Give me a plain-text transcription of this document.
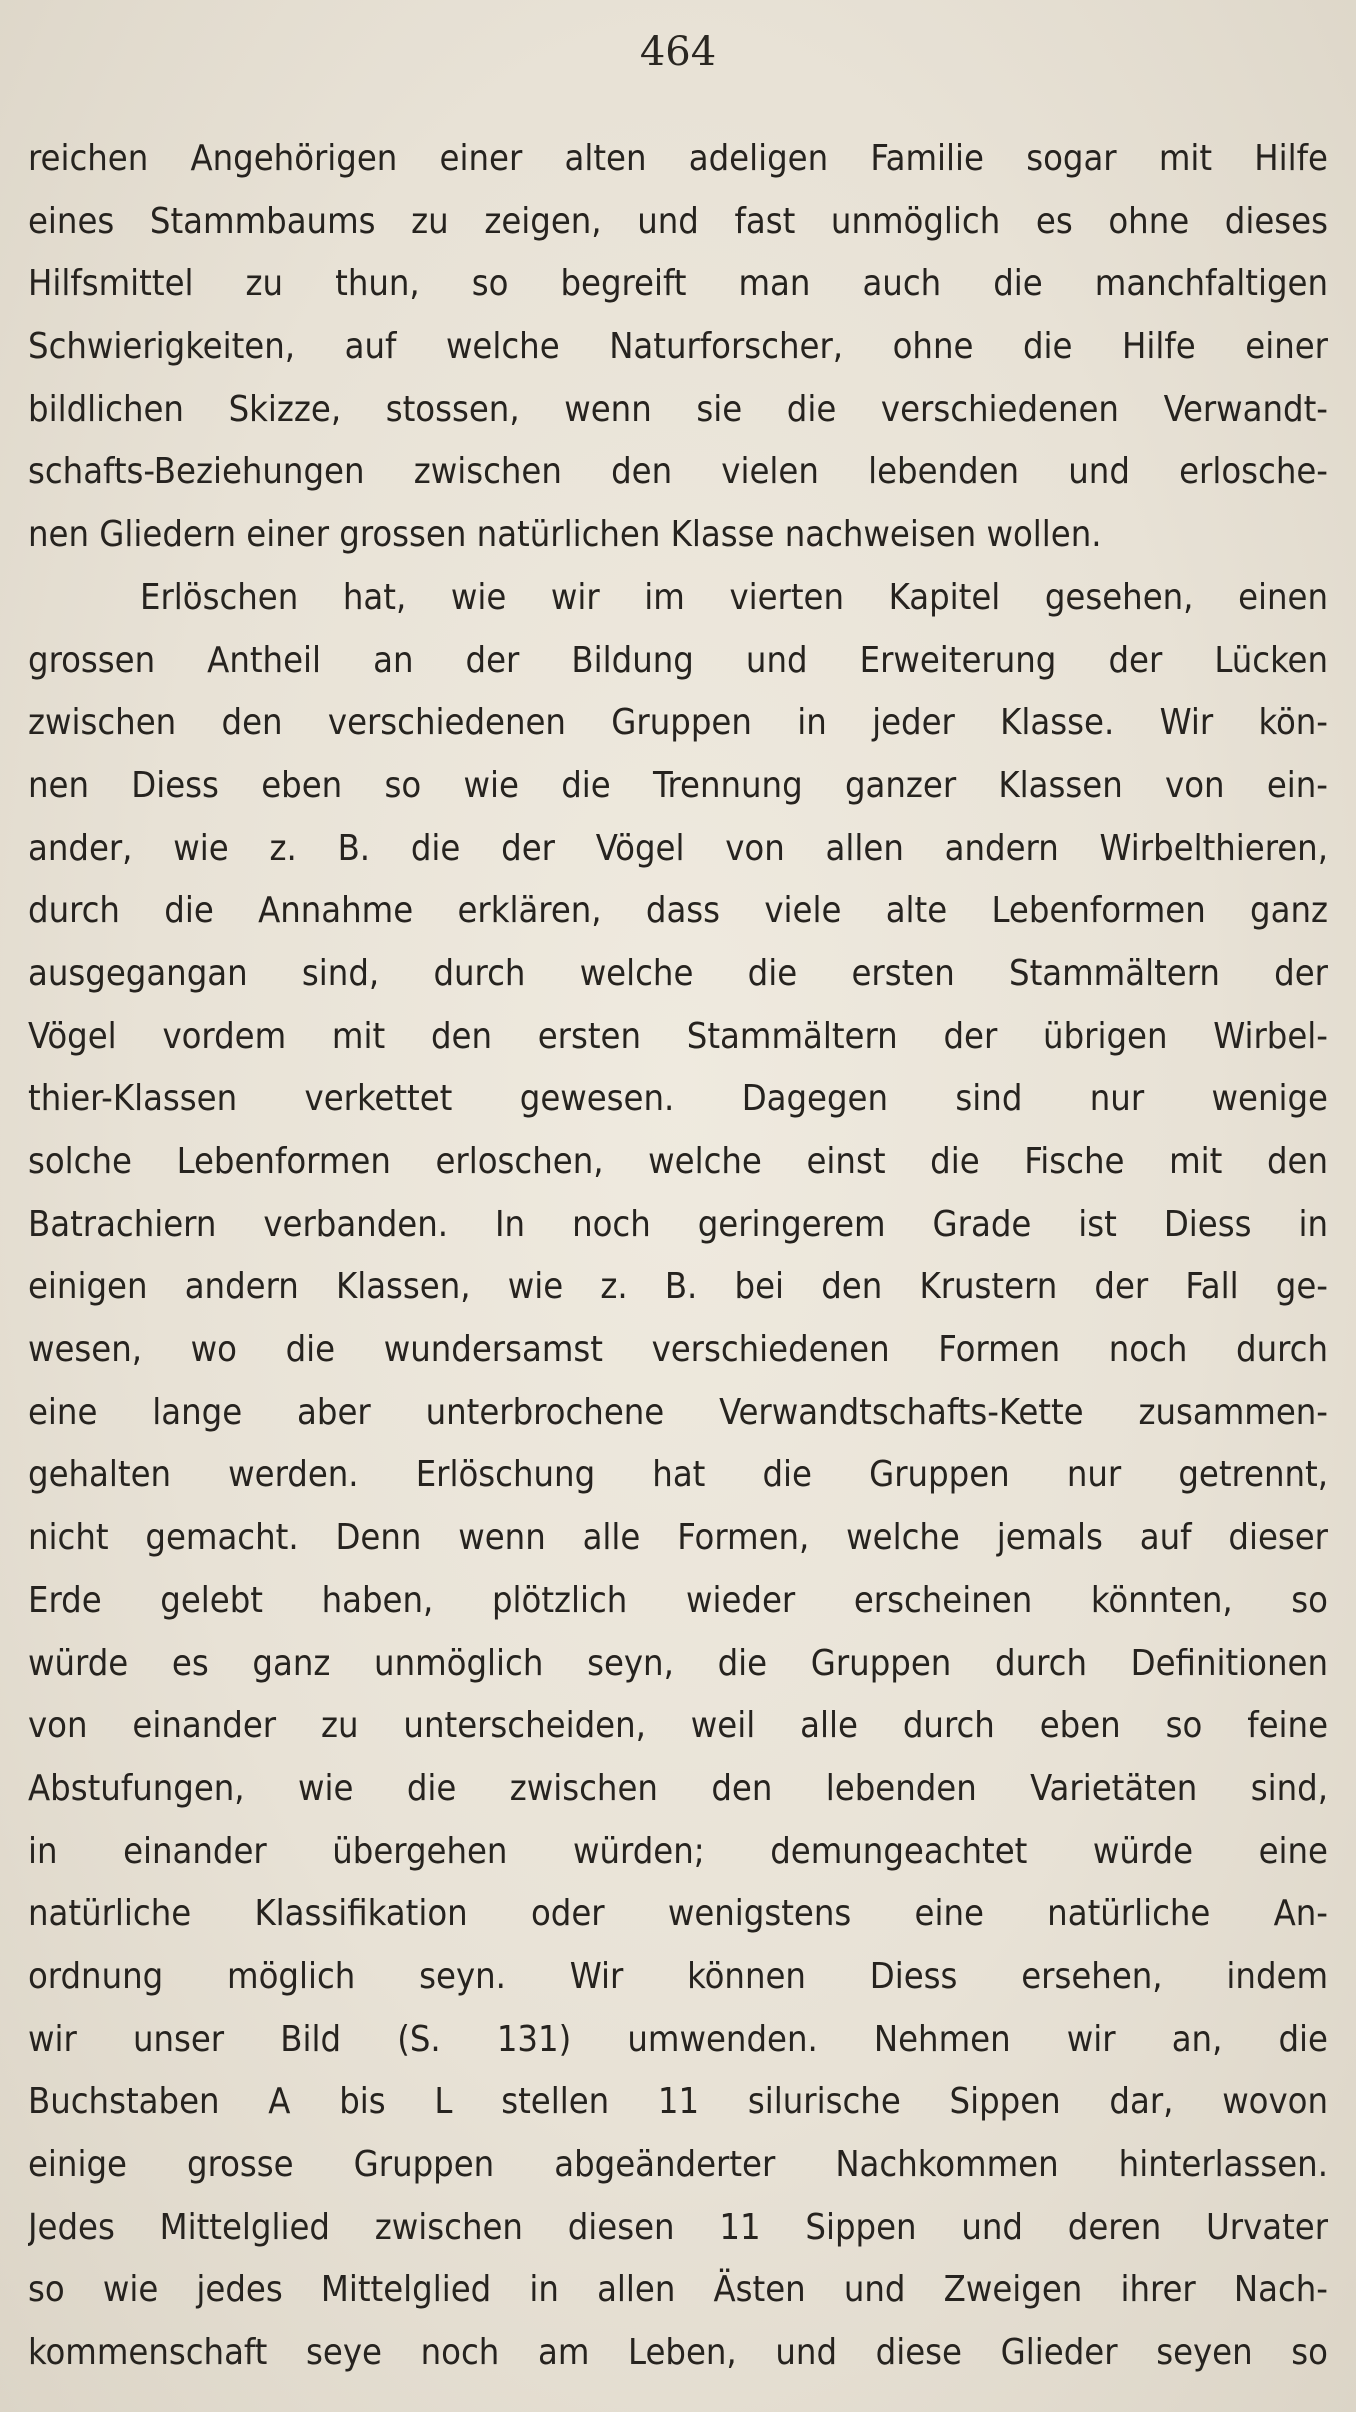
464
reichen Angehörigen einer alten adeligen Familie sogar mit Hilfe
eines Stammbaums zu zeigen, und fast unmöglich es ohne dieses
Hilfsmittel zu thun, so begreift man auch die manchfaltigen
Schwierigkeiten, auf welche Naturforscher, ohne die Hilfe einer
bildlichen Skizze, stossen, wenn sie die verschiedenen Verwandt-
schafts-Beziehungen zwischen den vielen lebenden und erlosche-
nen Gliedern einer grossen natürlichen Klasse nachweisen wollen.
Erlöschen hat, wie wir im vierten Kapitel gesehen, einen
grossen Antheil an der Bildung und Erweiterung der Lücken
zwischen den verschiedenen Gruppen in jeder Klasse. Wir kön-
nen Diess eben so wie die Trennung ganzer Klassen von ein-
ander, wie z. B. die der Vögel von allen andern Wirbelthieren,
durch die Annahme erklären, dass viele alte Lebenformen ganz
ausgegangan sind, durch welche die ersten Stammältern der
Vögel vordem mit den ersten Stammältern der übrigen Wirbel-
thier-Klassen verkettet gewesen. Dagegen sind nur wenige
solche Lebenformen erloschen, welche einst die Fische mit den
Batrachiern verbanden. In noch geringerem Grade ist Diess in
einigen andern Klassen, wie z. B. bei den Krustern der Fall ge-
wesen, wo die wundersamst verschiedenen Formen noch durch
eine lange aber unterbrochene Verwandtschafts-Kette zusammen-
gehalten werden. Erlöschung hat die Gruppen nur getrennt,
nicht gemacht. Denn wenn alle Formen, welche jemals auf dieser
Erde gelebt haben, plötzlich wieder erscheinen könnten, so
würde es ganz unmöglich seyn, die Gruppen durch Definitionen
von einander zu unterscheiden, weil alle durch eben so feine
Abstufungen, wie die zwischen den lebenden Varietäten sind,
in einander übergehen würden; demungeachtet würde eine
natürliche Klassifikation oder wenigstens eine natürliche An-
ordnung möglich seyn. Wir können Diess ersehen, indem
wir unser Bild (S. 131) umwenden. Nehmen wir an, die
Buchstaben A bis L stellen 11 silurische Sippen dar, wovon
einige grosse Gruppen abgeänderter Nachkommen hinterlassen.
Jedes Mittelglied zwischen diesen 11 Sippen und deren Urvater
so wie jedes Mittelglied in allen Ästen und Zweigen ihrer Nach-
kommenschaft seye noch am Leben, und diese Glieder seyen so
